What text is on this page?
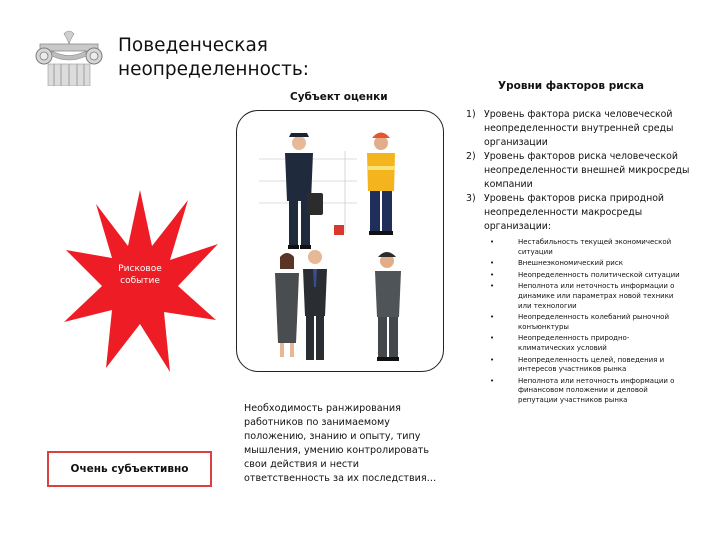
Поведенческая
неопределенность:
Субъект оценки
Уровни факторов риска
Рисковое событие
Очень субъективно
Необходимость ранжирования работников по занимаемому положению, знанию и опыту, типу мышления, умению контролировать свои действия и нести ответственность за их последствия…
1) Уровень фактора риска человеческой неопределенности внутренней среды организации
2) Уровень факторов риска человеческой неопределенности внешней микросреды компании
3) Уровень факторов риска природной неопределенности макросреды организации:
• Нестабильность текущей экономической ситуации
• Внешнеэкономический риск
• Неопределенность политической ситуации
• Неполнота или неточность информации о динамике или параметрах новой техники или технологии
• Неопределенность колебаний рыночной конъюнктуры
• Неопределенность природно-климатических условий
• Неопределенность целей, поведения и интересов участников рынка
• Неполнота или неточность информации о финансовом положении и деловой репутации участников рынка
